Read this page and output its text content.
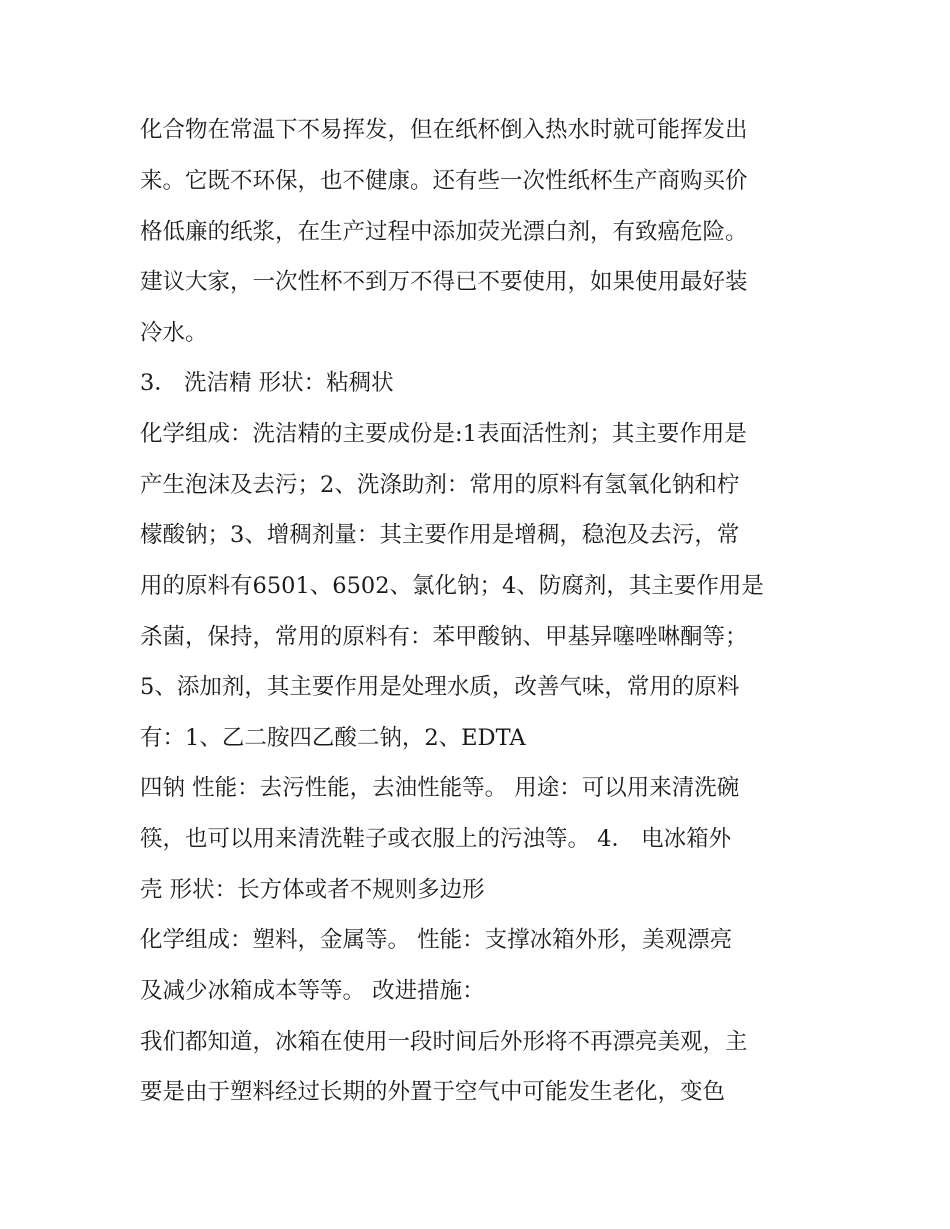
化合物在常温下不易挥发，但在纸杯倒入热水时就可能挥发出
来。它既不环保，也不健康。还有些一次性纸杯生产商购买价
格低廉的纸浆，在生产过程中添加荧光漂白剂，有致癌危险。
建议大家，一次性杯不到万不得已不要使用，如果使用最好装
冷水。
3． 洗洁精 形状：粘稠状
化学组成：洗洁精的主要成份是:1表面活性剂；其主要作用是
产生泡沫及去污；2、洗涤助剂：常用的原料有氢氧化钠和柠
檬酸钠；3、增稠剂量：其主要作用是增稠，稳泡及去污，常
用的原料有6501、6502、氯化钠；4、防腐剂，其主要作用是
杀菌，保持，常用的原料有：苯甲酸钠、甲基异噻唑啉酮等；
5、添加剂，其主要作用是处理水质，改善气味，常用的原料
有：1、乙二胺四乙酸二钠，2、EDTA
四钠 性能：去污性能，去油性能等。 用途：可以用来清洗碗
筷，也可以用来清洗鞋子或衣服上的污浊等。 4． 电冰箱外
壳 形状：长方体或者不规则多边形
化学组成：塑料，金属等。 性能：支撑冰箱外形，美观漂亮
及减少冰箱成本等等。 改进措施：
我们都知道，冰箱在使用一段时间后外形将不再漂亮美观，主
要是由于塑料经过长期的外置于空气中可能发生老化，变色
